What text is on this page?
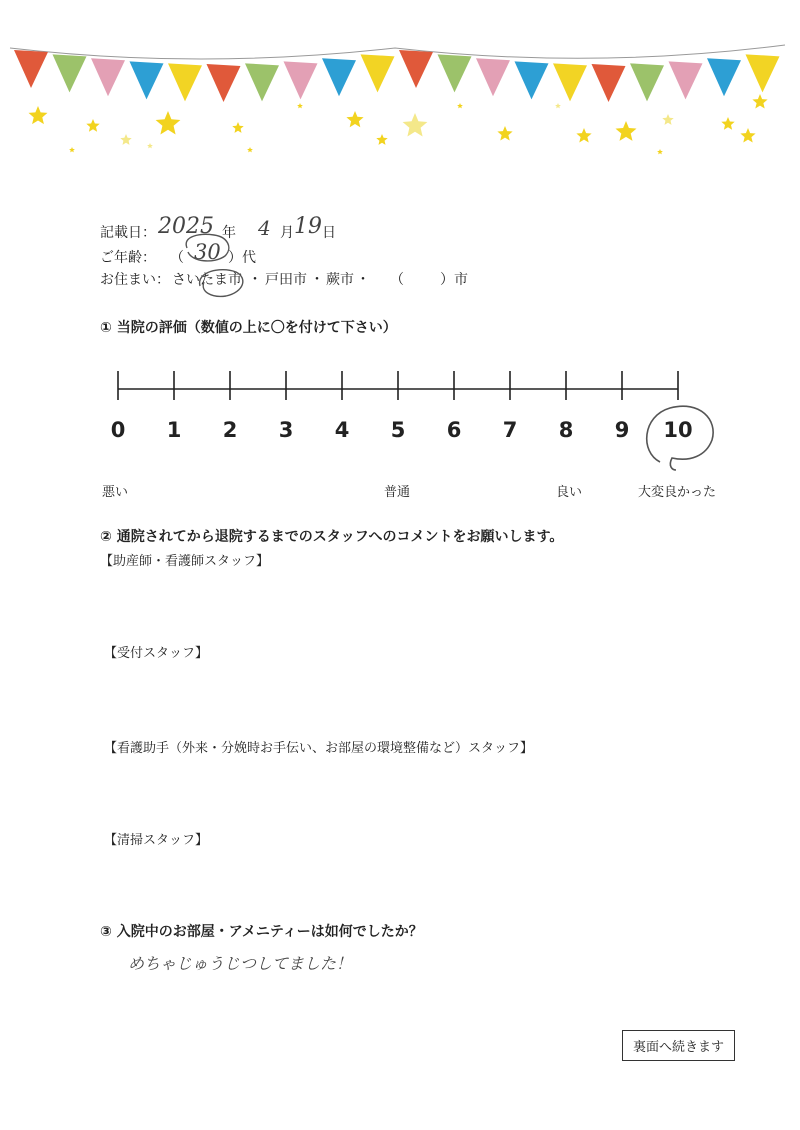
記載日： 2025 年 4 月 19 日
ご年齢： （ 30 ）代
お住まい： さいたま市 ・ 戸田市 ・ 蕨市 ・ （	）市
① 当院の評価（数値の上に〇を付けて下さい）
0	1	2	3	4	5	6	7	8	9	10
悪い	普通	良い	大変良かった
② 通院されてから退院するまでのスタッフへのコメントをお願いします。
【助産師・看護師スタッフ】
【受付スタッフ】
【看護助手（外来・分娩時お手伝い、お部屋の環境整備など）スタッフ】
【清掃スタッフ】
③ 入院中のお部屋・アメニティーは如何でしたか？
めちゃじゅうじつしてました！
裏面へ続きます
